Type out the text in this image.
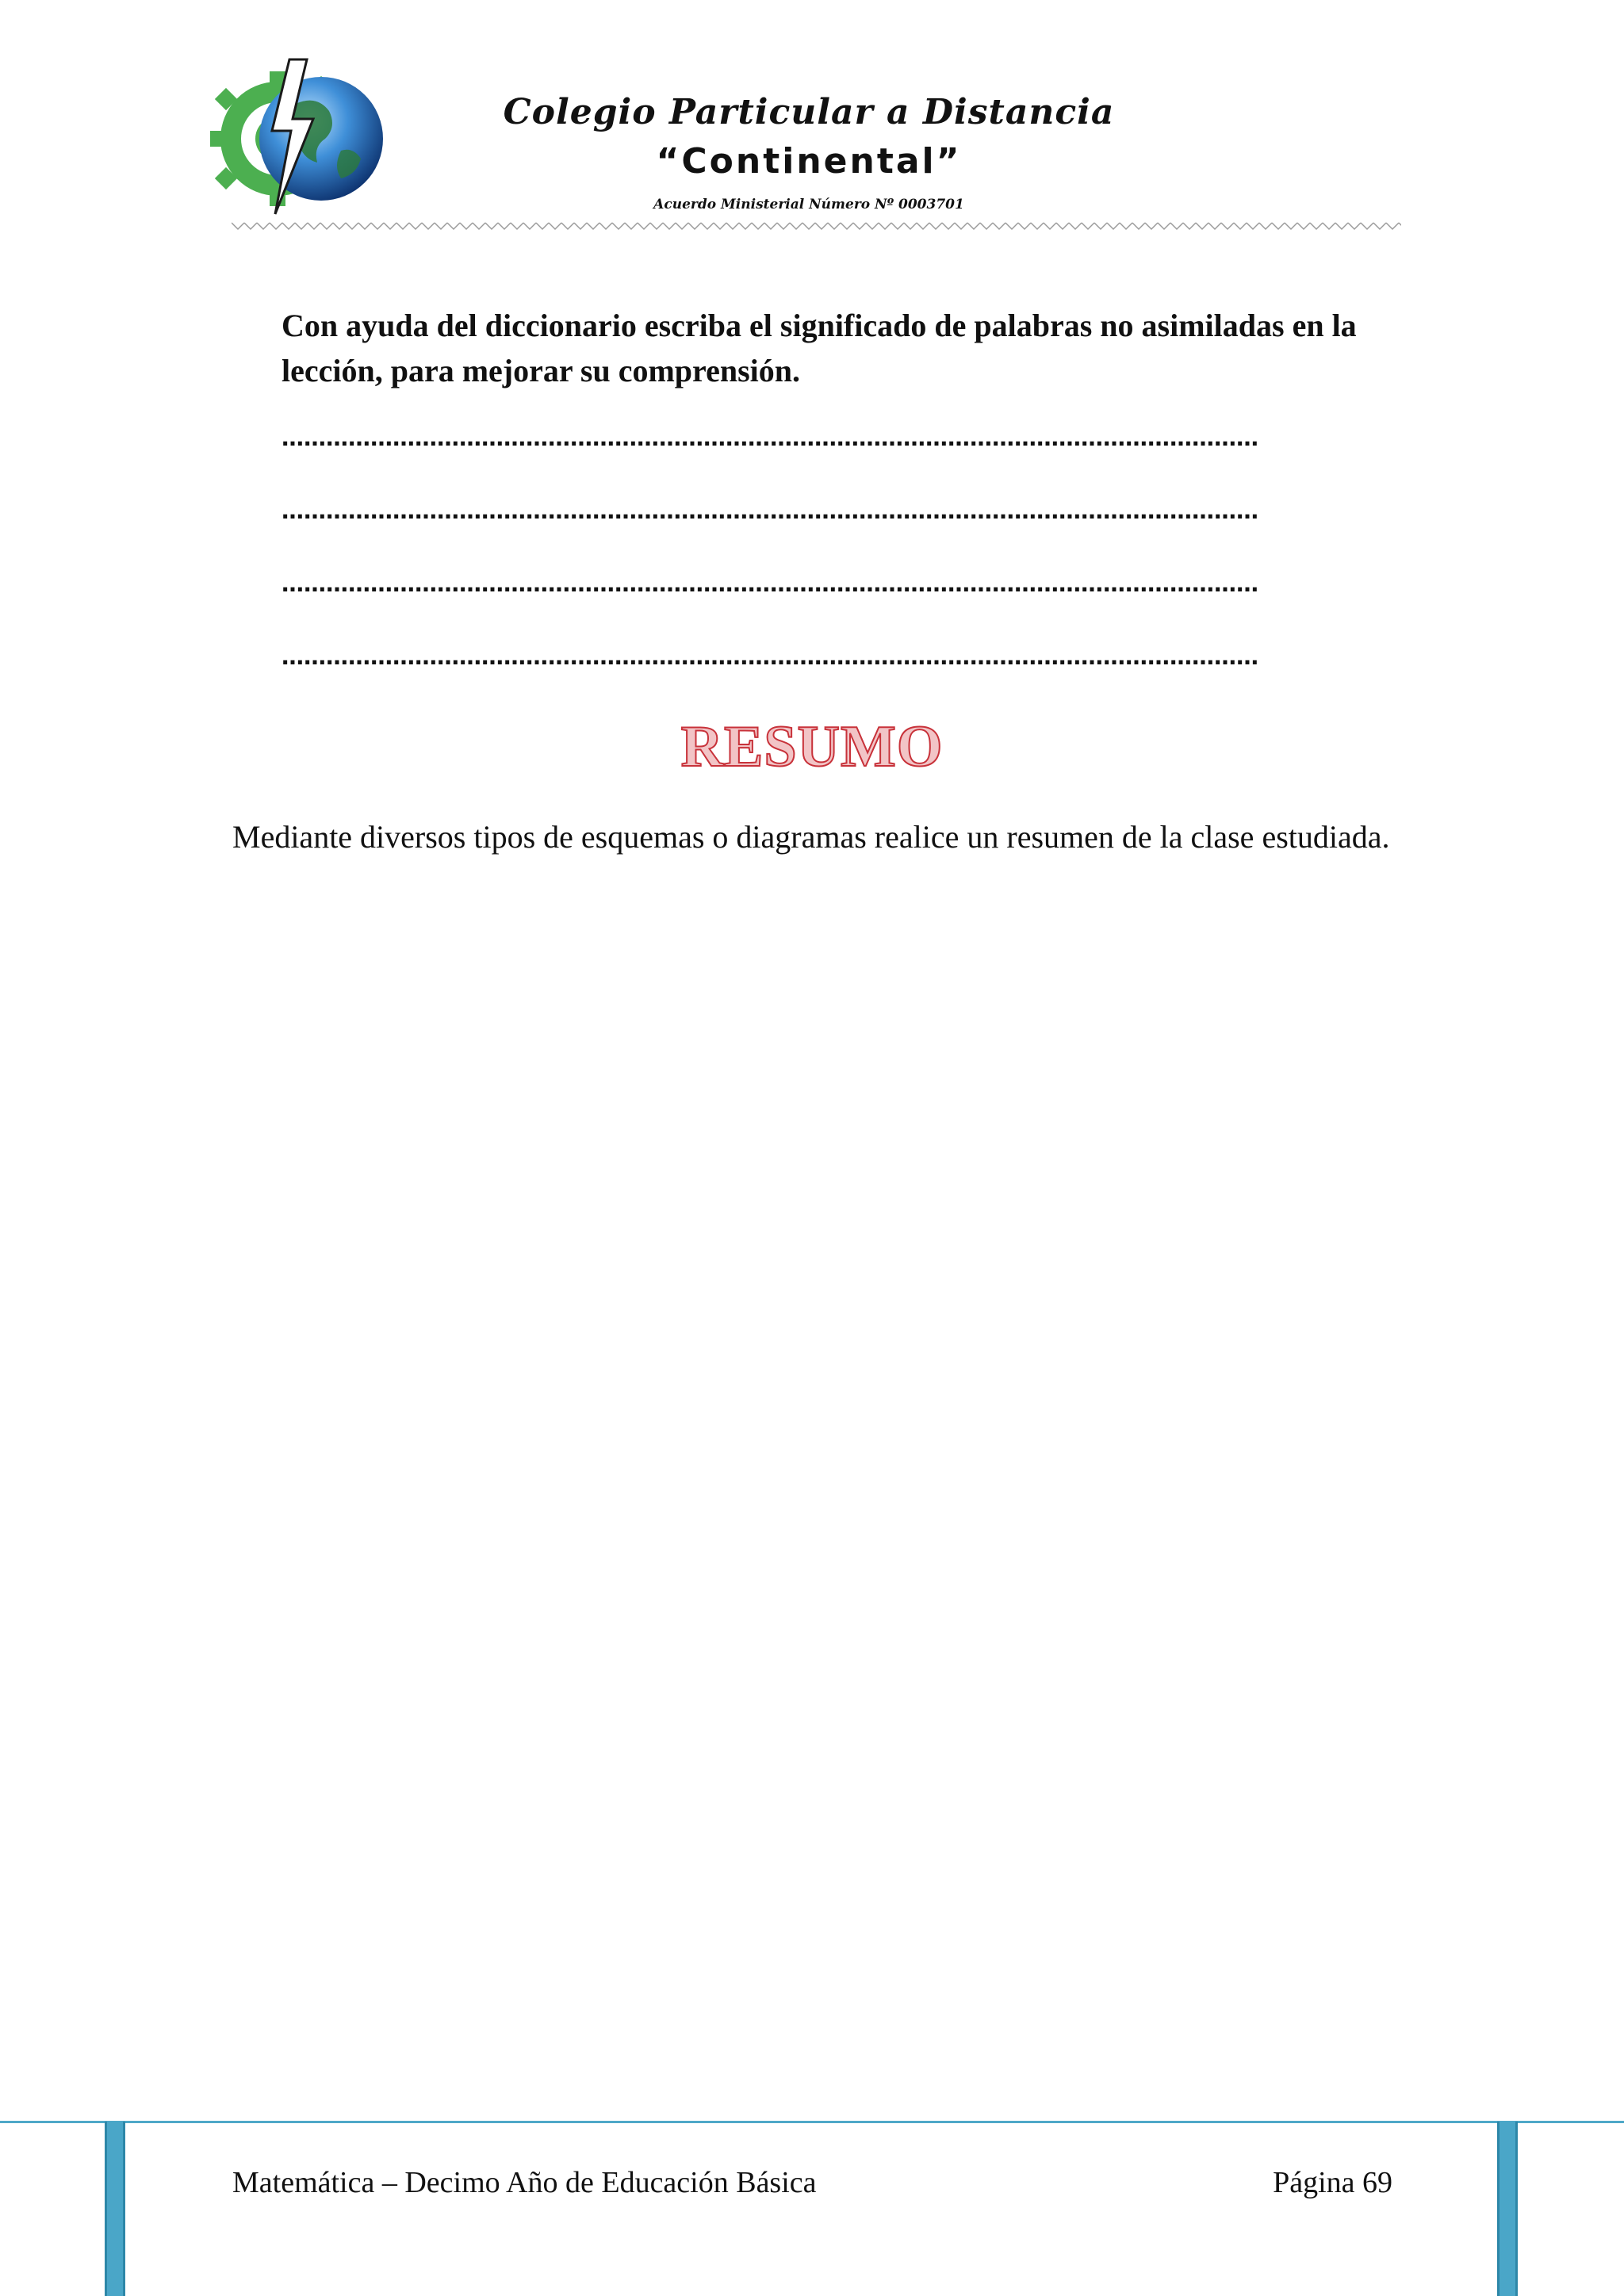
Colegio Particular a Distancia
“Continental”
Acuerdo Ministerial Número Nº 0003701

Con ayuda del diccionario escriba el significado de palabras no asimiladas en la lección, para mejorar su comprensión.

……………………………………………………………………………………………………………………
……………………………………………………………………………………………………………………
……………………………………………………………………………………………………………………
……………………………………………………………………………………………………………………
RESUMO

Mediante diversos tipos de esquemas o diagramas realice un resumen de la clase estudiada.

Matemática – Decimo Año de Educación Básica	Página 69
